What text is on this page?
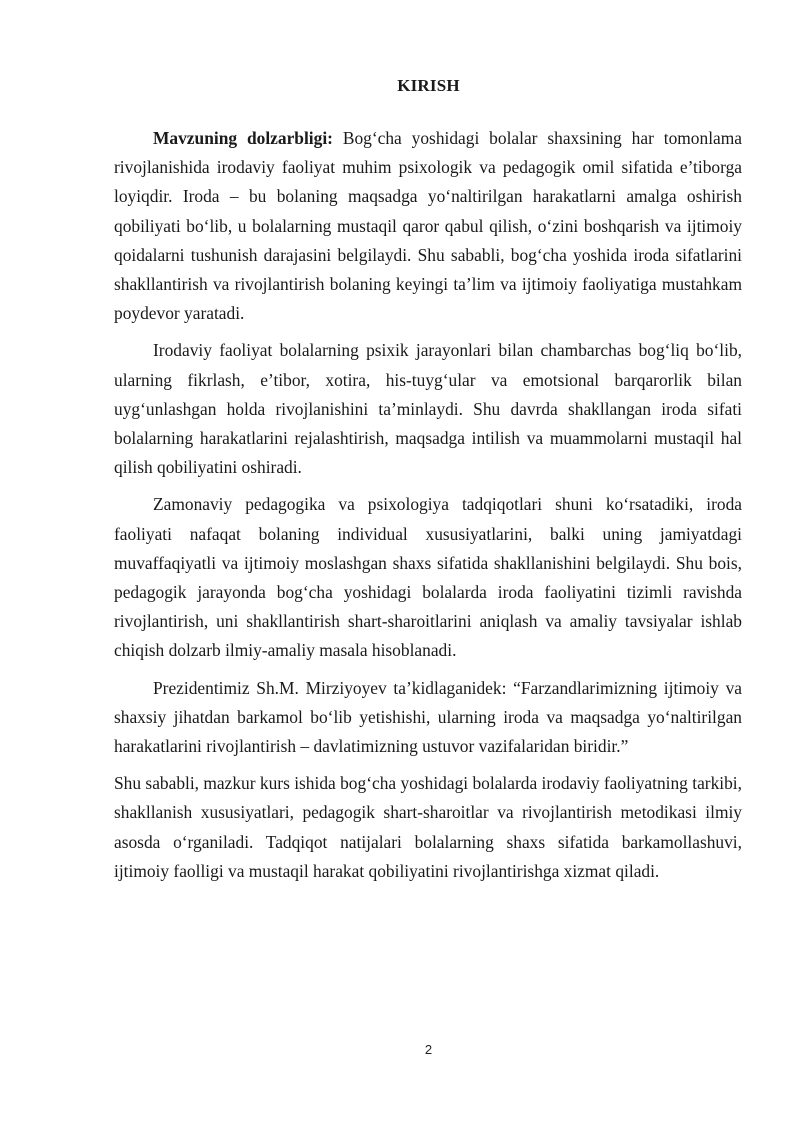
KIRISH

Mavzuning dolzarbligi: Bog‘cha yoshidagi bolalar shaxsining har tomonlama rivojlanishida irodaviy faoliyat muhim psixologik va pedagogik omil sifatida e’tiborga loyiqdir. Iroda – bu bolaning maqsadga yo‘naltirilgan harakatlarni amalga oshirish qobiliyati bo‘lib, u bolalarning mustaqil qaror qabul qilish, o‘zini boshqarish va ijtimoiy qoidalarni tushunish darajasini belgilaydi. Shu sababli, bog‘cha yoshida iroda sifatlarini shakllantirish va rivojlantirish bolaning keyingi ta’lim va ijtimoiy faoliyatiga mustahkam poydevor yaratadi.

Irodaviy faoliyat bolalarning psixik jarayonlari bilan chambarchas bog‘liq bo‘lib, ularning fikrlash, e’tibor, xotira, his-tuyg‘ular va emotsional barqarorlik bilan uyg‘unlashgan holda rivojlanishini ta’minlaydi. Shu davrda shakllangan iroda sifati bolalarning harakatlarini rejalashtirish, maqsadga intilish va muammolarni mustaqil hal qilish qobiliyatini oshiradi.

Zamonaviy pedagogika va psixologiya tadqiqotlari shuni ko‘rsatadiki, iroda faoliyati nafaqat bolaning individual xususiyatlarini, balki uning jamiyatdagi muvaffaqiyatli va ijtimoiy moslashgan shaxs sifatida shakllanishini belgilaydi. Shu bois, pedagogik jarayonda bog‘cha yoshidagi bolalarda iroda faoliyatini tizimli ravishda rivojlantirish, uni shakllantirish shart-sharoitlarini aniqlash va amaliy tavsiyalar ishlab chiqish dolzarb ilmiy-amaliy masala hisoblanadi.

Prezidentimiz Sh.M. Mirziyoyev ta’kidlaganidek: “Farzandlarimizning ijtimoiy va shaxsiy jihatdan barkamol bo‘lib yetishishi, ularning iroda va maqsadga yo‘naltirilgan harakatlarini rivojlantirish – davlatimizning ustuvor vazifalaridan biridir.”

Shu sababli, mazkur kurs ishida bog‘cha yoshidagi bolalarda irodaviy faoliyatning tarkibi, shakllanish xususiyatlari, pedagogik shart-sharoitlar va rivojlantirish metodikasi ilmiy asosda o‘rganiladi. Tadqiqot natijalari bolalarning shaxs sifatida barkamollashuvi, ijtimoiy faolligi va mustaqil harakat qobiliyatini rivojlantirishga xizmat qiladi.

2
